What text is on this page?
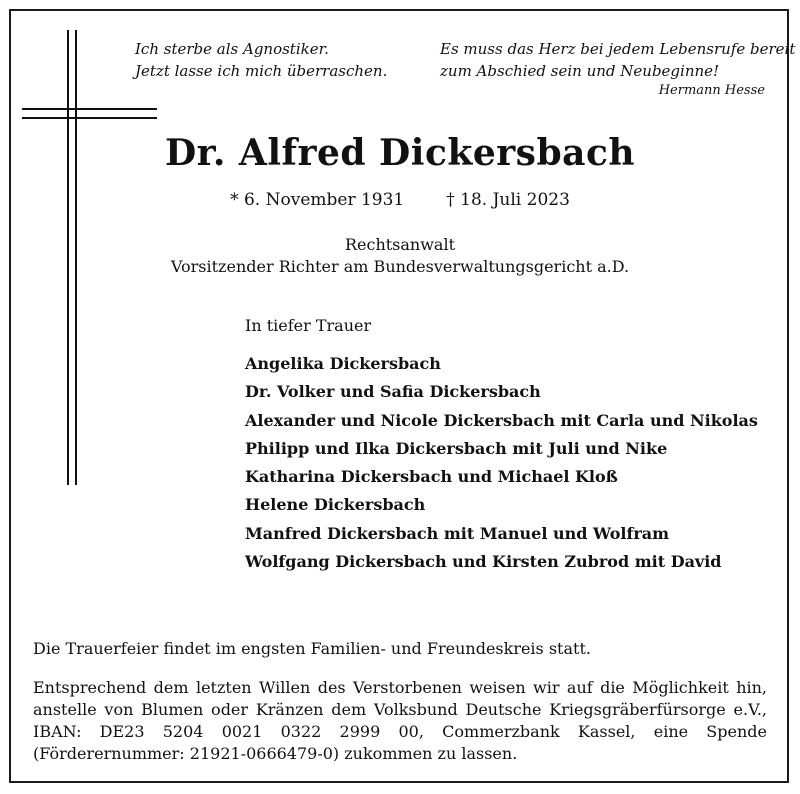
Ich sterbe als Agnostiker.
Jetzt lasse ich mich überraschen.
Es muss das Herz bei jedem Lebensrufe bereit
zum Abschied sein und Neubeginne!
Hermann Hesse
Dr. Alfred Dickersbach
* 6. November 1931 † 18. Juli 2023
Rechtsanwalt
Vorsitzender Richter am Bundesverwaltungsgericht a.D.
In tiefer Trauer
Angelika Dickersbach
Dr. Volker und Safia Dickersbach
Alexander und Nicole Dickersbach mit Carla und Nikolas
Philipp und Ilka Dickersbach mit Juli und Nike
Katharina Dickersbach und Michael Kloß
Helene Dickersbach
Manfred Dickersbach mit Manuel und Wolfram
Wolfgang Dickersbach und Kirsten Zubrod mit David

Die Trauerfeier findet im engsten Familien- und Freundeskreis statt.

Entsprechend dem letzten Willen des Verstorbenen weisen wir auf die Möglichkeit hin, anstelle von Blumen oder Kränzen dem Volksbund Deutsche Kriegsgräberfürsorge e.V., IBAN: DE23 5204 0021 0322 2999 00, Commerzbank Kassel, eine Spende (Förderernummer: 21921-0666479-0) zukommen zu lassen.
